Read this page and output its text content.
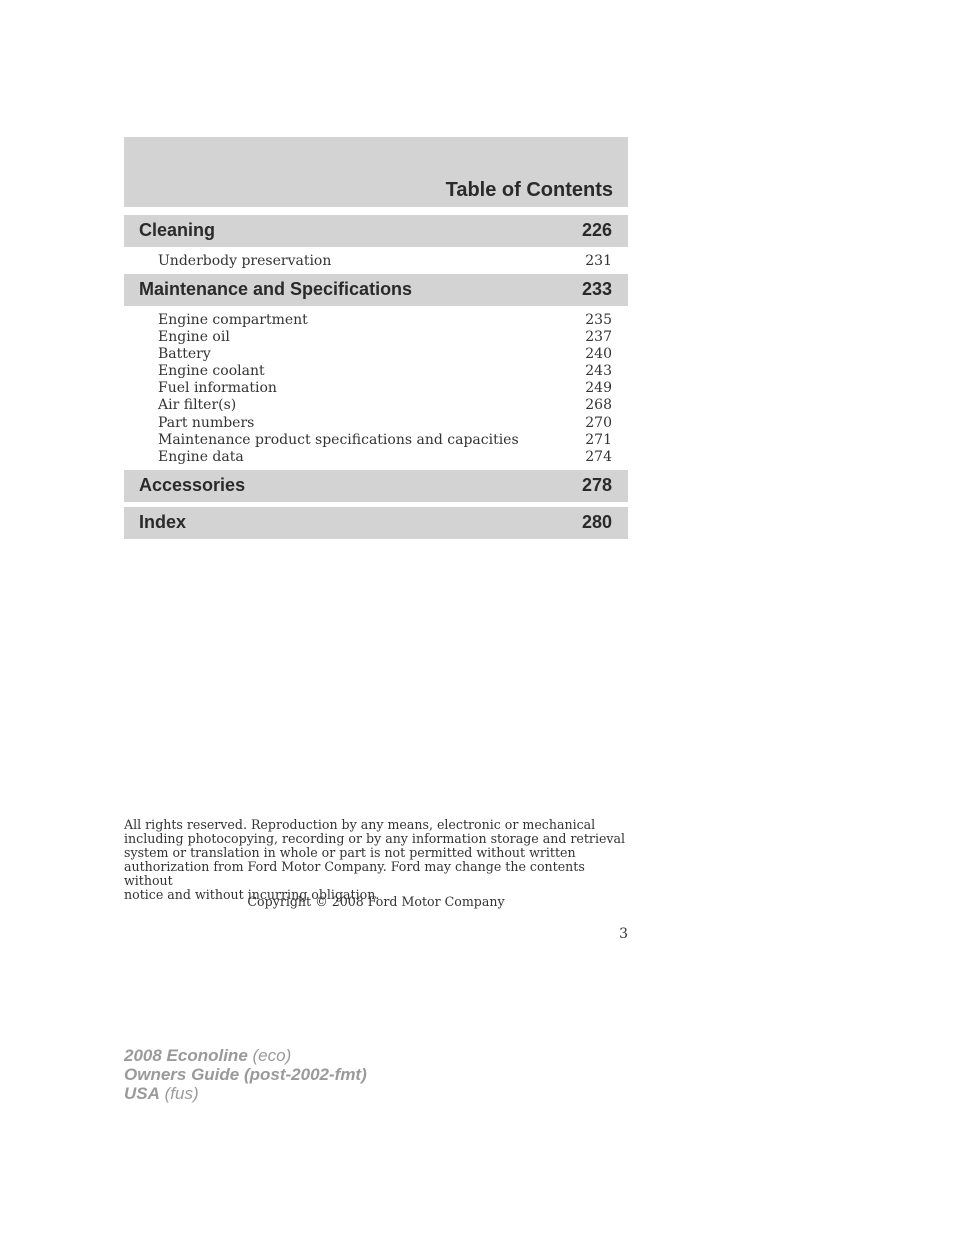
Table of Contents
Cleaning	226
Underbody preservation	231
Maintenance and Specifications	233
Engine compartment	235
Engine oil	237
Battery	240
Engine coolant	243
Fuel information	249
Air filter(s)	268
Part numbers	270
Maintenance product specifications and capacities	271
Engine data	274
Accessories	278
Index	280
All rights reserved. Reproduction by any means, electronic or mechanical
including photocopying, recording or by any information storage and retrieval
system or translation in whole or part is not permitted without written
authorization from Ford Motor Company. Ford may change the contents without
notice and without incurring obligation.
Copyright © 2008 Ford Motor Company
3
2008 Econoline (eco)
Owners Guide (post-2002-fmt)
USA (fus)
